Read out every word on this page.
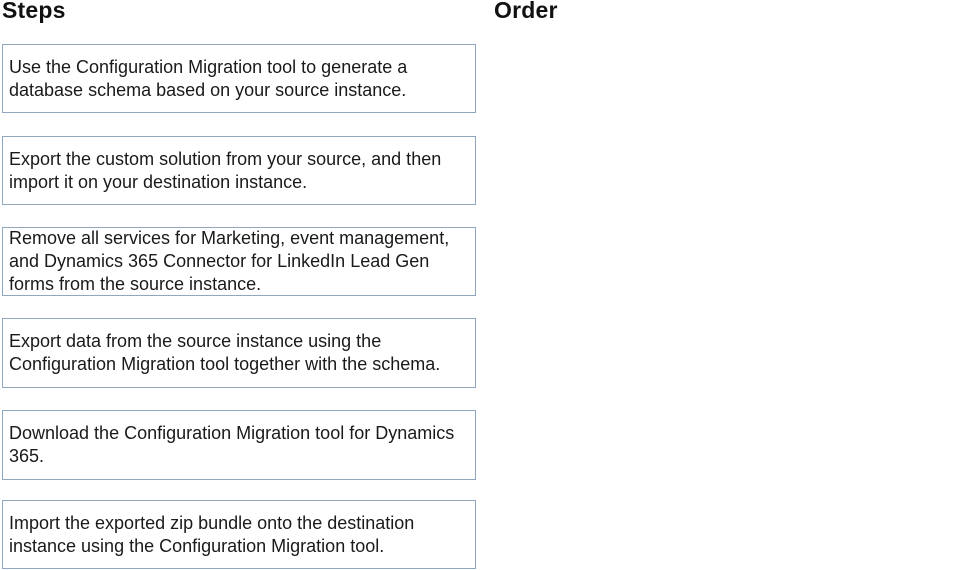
Steps	Order
Use the Configuration Migration tool to generate a database schema based on your source instance.
Export the custom solution from your source, and then import it on your destination instance.
Remove all services for Marketing, event management, and Dynamics 365 Connector for LinkedIn Lead Gen forms from the source instance.
Export data from the source instance using the Configuration Migration tool together with the schema.
Download the Configuration Migration tool for Dynamics 365.
Import the exported zip bundle onto the destination instance using the Configuration Migration tool.
